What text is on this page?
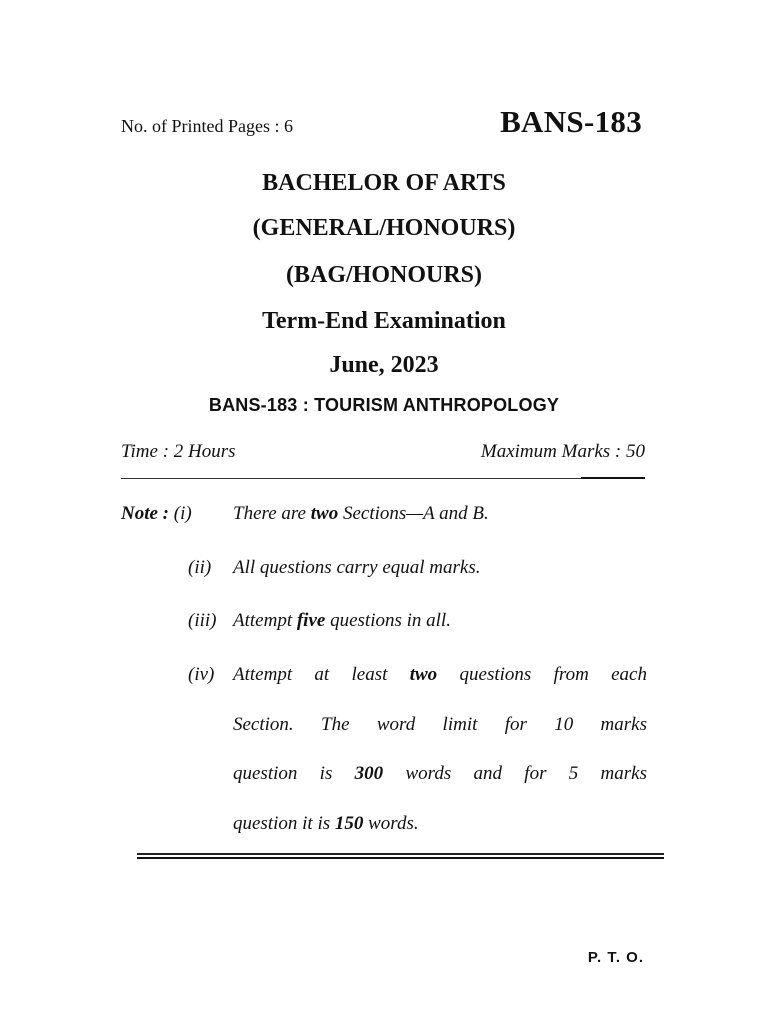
No. of Printed Pages : 6	BANS-183
BACHELOR OF ARTS
(GENERAL/HONOURS)
(BAG/HONOURS)
Term-End Examination
June, 2023
BANS-183 : TOURISM ANTHROPOLOGY
Time : 2 Hours	Maximum Marks : 50
Note : (i) There are two Sections—A and B.
(ii) All questions carry equal marks.
(iii) Attempt five questions in all.
(iv) Attempt at least two questions from each
Section. The word limit for 10 marks
question is 300 words and for 5 marks
question it is 150 words.
P. T. O.
